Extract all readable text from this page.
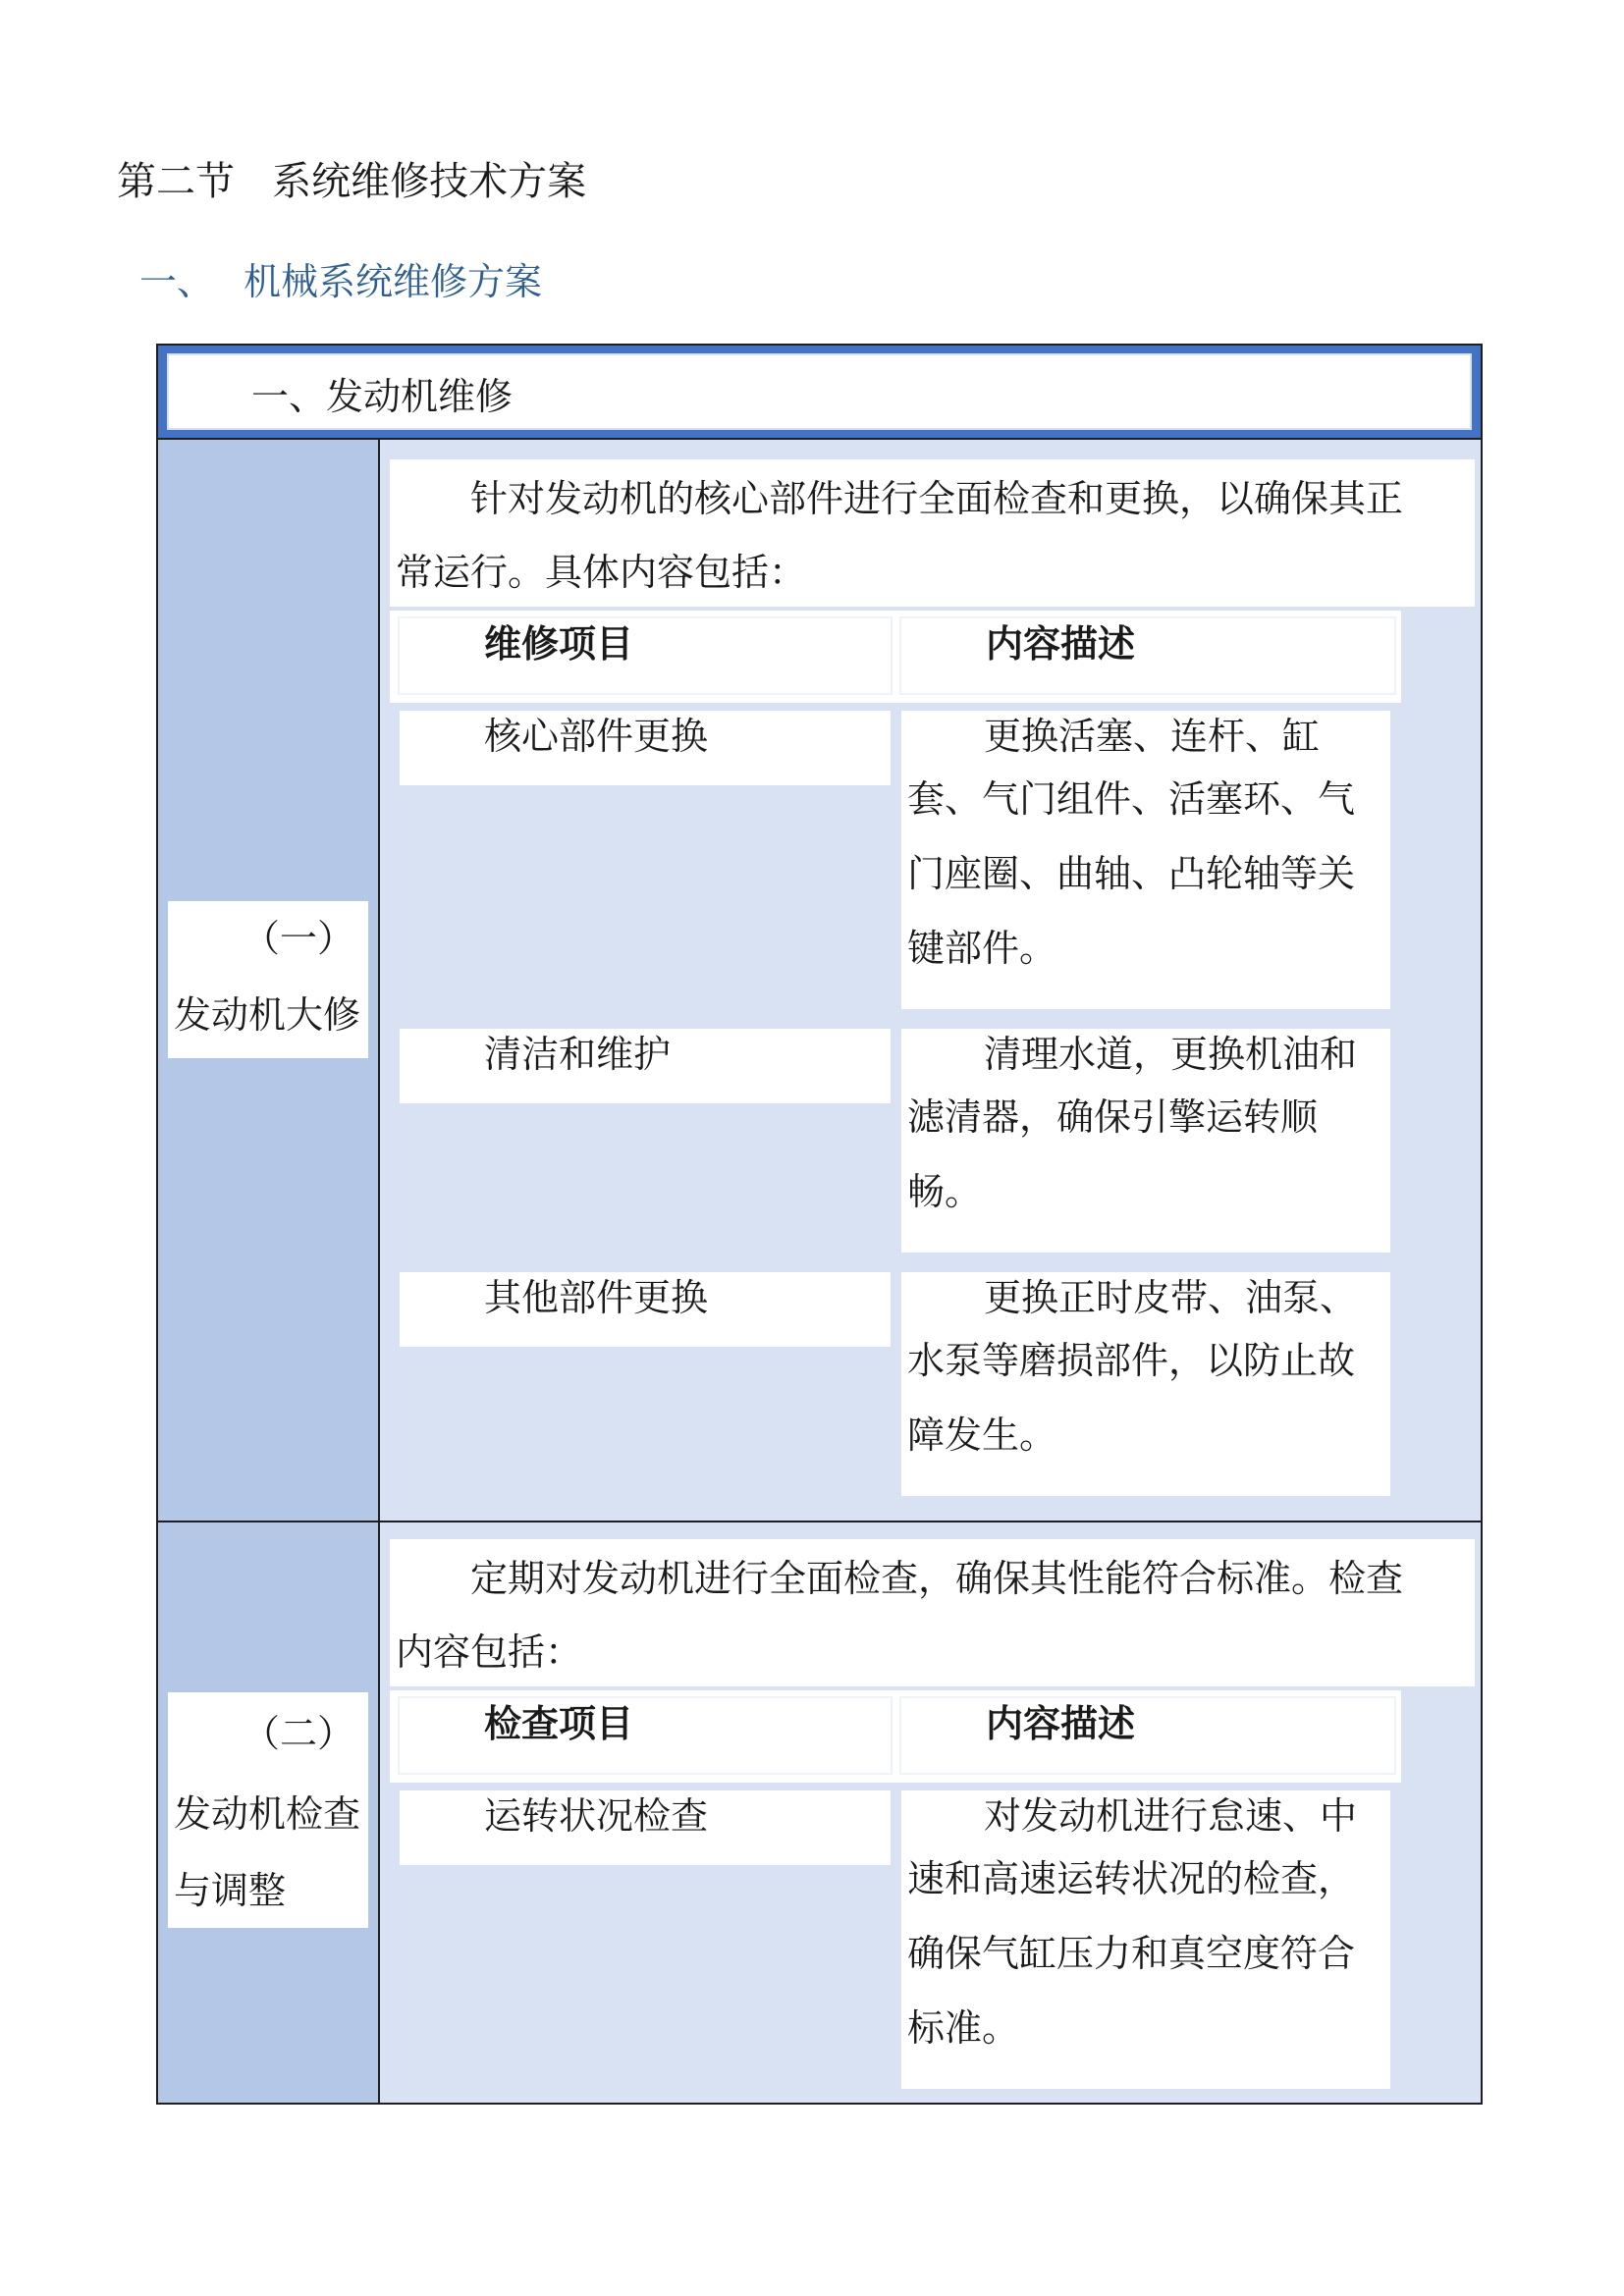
第二节   系统维修技术方案
一、 机械系统维修方案
一、发动机维修
（一）
发动机大修
针对发动机的核心部件进行全面检查和更换，以确保其正
常运行。具体内容包括：
维修项目	内容描述
核心部件更换	更换活塞、连杆、缸
套、气门组件、活塞环、气
门座圈、曲轴、凸轮轴等关
键部件。
清洁和维护	清理水道，更换机油和
滤清器，确保引擎运转顺
畅。
其他部件更换	更换正时皮带、油泵、
水泵等磨损部件，以防止故
障发生。
（二）
发动机检查
与调整
定期对发动机进行全面检查，确保其性能符合标准。检查
内容包括：
检查项目	内容描述
运转状况检查	对发动机进行怠速、中
速和高速运转状况的检查，
确保气缸压力和真空度符合
标准。
